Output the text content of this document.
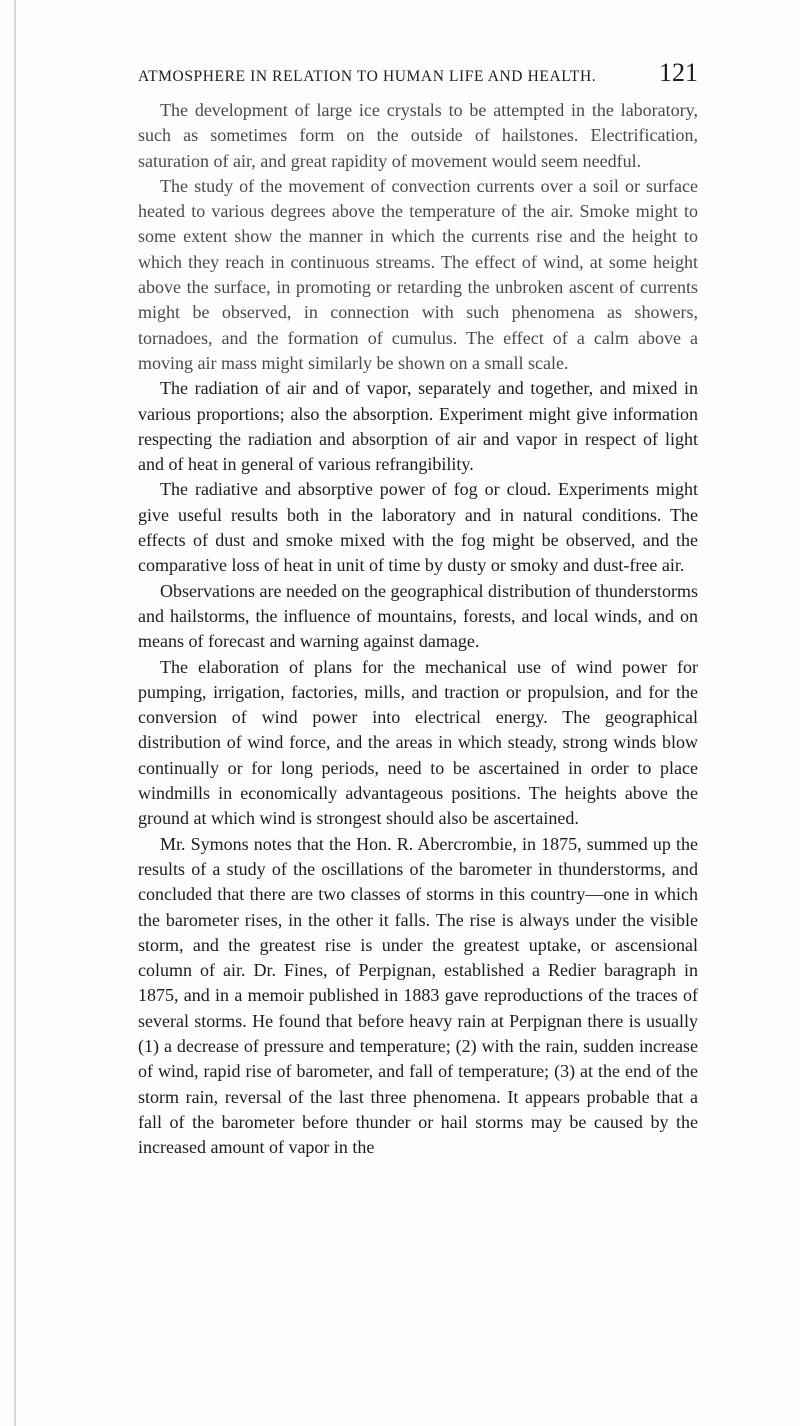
ATMOSPHERE IN RELATION TO HUMAN LIFE AND HEALTH. 121

The development of large ice crystals to be attempted in the laboratory, such as sometimes form on the outside of hailstones. Electrification, saturation of air, and great rapidity of movement would seem needful.

The study of the movement of convection currents over a soil or surface heated to various degrees above the temperature of the air. Smoke might to some extent show the manner in which the currents rise and the height to which they reach in continuous streams. The effect of wind, at some height above the surface, in promoting or retarding the unbroken ascent of currents might be observed, in connection with such phenomena as showers, tornadoes, and the formation of cumulus. The effect of a calm above a moving air mass might similarly be shown on a small scale.

The radiation of air and of vapor, separately and together, and mixed in various proportions; also the absorption. Experiment might give information respecting the radiation and absorption of air and vapor in respect of light and of heat in general of various refrangibility.

The radiative and absorptive power of fog or cloud. Experiments might give useful results both in the laboratory and in natural conditions. The effects of dust and smoke mixed with the fog might be observed, and the comparative loss of heat in unit of time by dusty or smoky and dust-free air.

Observations are needed on the geographical distribution of thunderstorms and hailstorms, the influence of mountains, forests, and local winds, and on means of forecast and warning against damage.

The elaboration of plans for the mechanical use of wind power for pumping, irrigation, factories, mills, and traction or propulsion, and for the conversion of wind power into electrical energy. The geographical distribution of wind force, and the areas in which steady, strong winds blow continually or for long periods, need to be ascertained in order to place windmills in economically advantageous positions. The heights above the ground at which wind is strongest should also be ascertained.

Mr. Symons notes that the Hon. R. Abercrombie, in 1875, summed up the results of a study of the oscillations of the barometer in thunderstorms, and concluded that there are two classes of storms in this country—one in which the barometer rises, in the other it falls. The rise is always under the visible storm, and the greatest rise is under the greatest uptake, or ascensional column of air. Dr. Fines, of Perpignan, established a Redier baragraph in 1875, and in a memoir published in 1883 gave reproductions of the traces of several storms. He found that before heavy rain at Perpignan there is usually (1) a decrease of pressure and temperature; (2) with the rain, sudden increase of wind, rapid rise of barometer, and fall of temperature; (3) at the end of the storm rain, reversal of the last three phenomena. It appears probable that a fall of the barometer before thunder or hail storms may be caused by the increased amount of vapor in the
